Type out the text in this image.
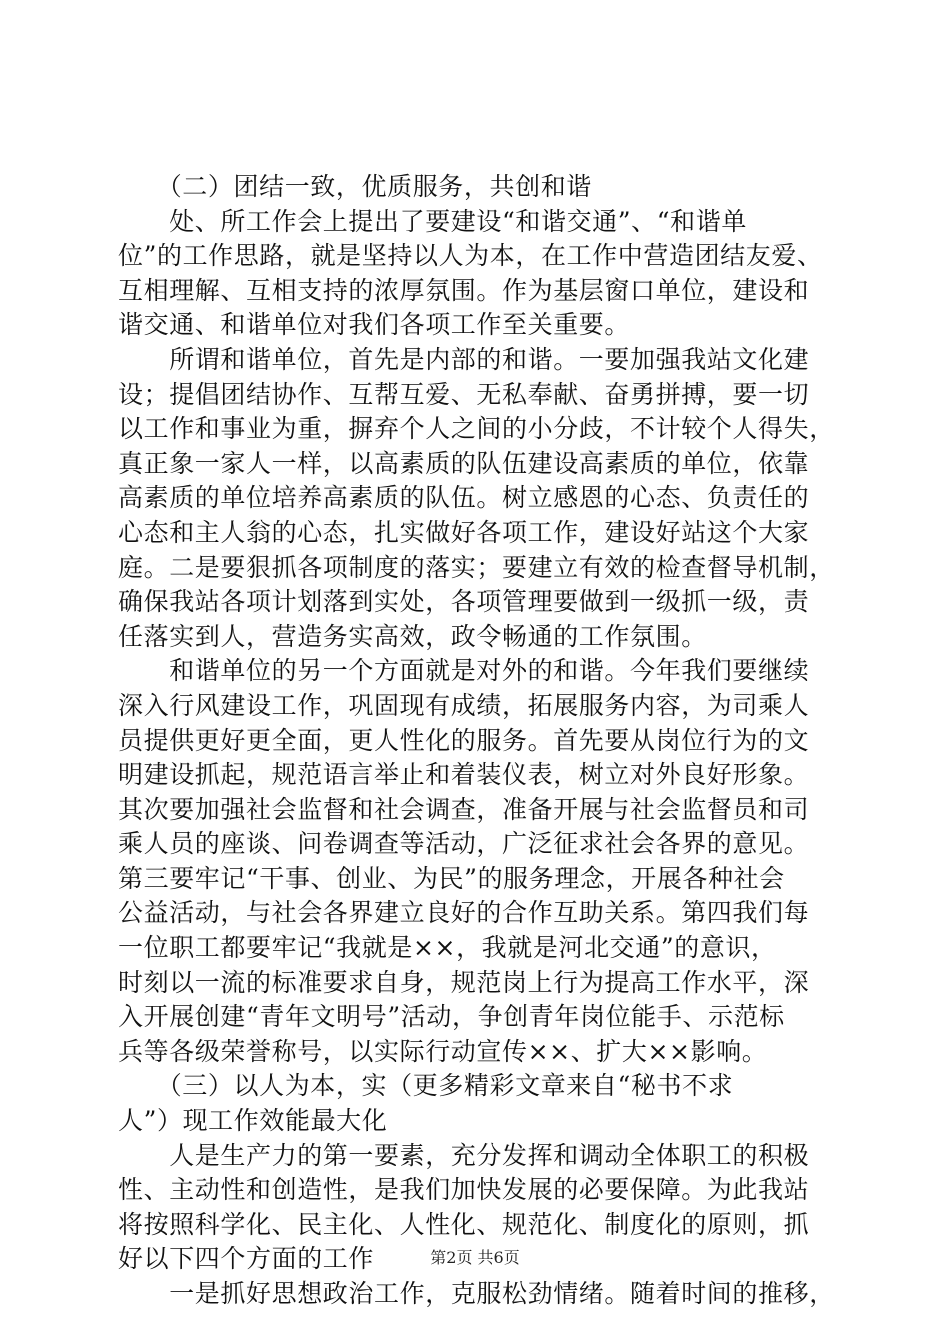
　　（二）团结一致，优质服务，共创和谐
　　处、所工作会上提出了要建设“和谐交通”、“和谐单
位”的工作思路，就是坚持以人为本，在工作中营造团结友爱、
互相理解、互相支持的浓厚氛围。作为基层窗口单位，建设和
谐交通、和谐单位对我们各项工作至关重要。
　　所谓和谐单位，首先是内部的和谐。一要加强我站文化建
设；提倡团结协作、互帮互爱、无私奉献、奋勇拼搏，要一切
以工作和事业为重，摒弃个人之间的小分歧，不计较个人得失，
真正象一家人一样，以高素质的队伍建设高素质的单位，依靠
高素质的单位培养高素质的队伍。树立感恩的心态、负责任的
心态和主人翁的心态，扎实做好各项工作，建设好站这个大家
庭。二是要狠抓各项制度的落实；要建立有效的检查督导机制，
确保我站各项计划落到实处，各项管理要做到一级抓一级，责
任落实到人，营造务实高效，政令畅通的工作氛围。
　　和谐单位的另一个方面就是对外的和谐。今年我们要继续
深入行风建设工作，巩固现有成绩，拓展服务内容，为司乘人
员提供更好更全面，更人性化的服务。首先要从岗位行为的文
明建设抓起，规范语言举止和着装仪表，树立对外良好形象。
其次要加强社会监督和社会调查，准备开展与社会监督员和司
乘人员的座谈、问卷调查等活动，广泛征求社会各界的意见。
第三要牢记“干事、创业、为民”的服务理念，开展各种社会
公益活动，与社会各界建立良好的合作互助关系。第四我们每
一位职工都要牢记“我就是××，我就是河北交通”的意识，
时刻以一流的标准要求自身，规范岗上行为提高工作水平，深
入开展创建“青年文明号”活动，争创青年岗位能手、示范标
兵等各级荣誉称号，以实际行动宣传××、扩大××影响。
　　（三）以人为本，实（更多精彩文章来自“秘书不求
人”）现工作效能最大化
　　人是生产力的第一要素，充分发挥和调动全体职工的积极
性、主动性和创造性，是我们加快发展的必要保障。为此我站
将按照科学化、民主化、人性化、规范化、制度化的原则，抓
好以下四个方面的工作
　　一是抓好思想政治工作，克服松劲情绪。随着时间的推移，
第2页 共6页
